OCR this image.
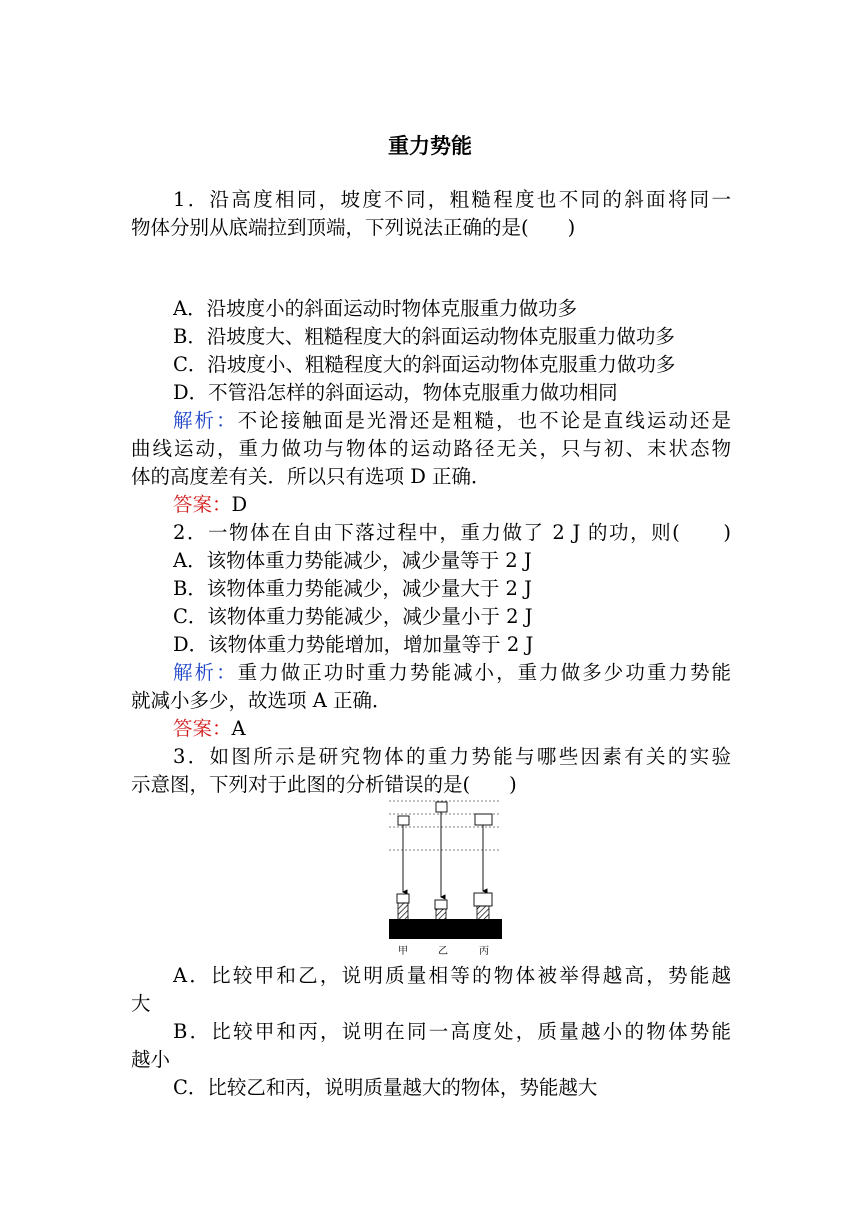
重力势能
1．沿高度相同，坡度不同，粗糙程度也不同的斜面将同一
物体分别从底端拉到顶端，下列说法正确的是(　　)
A．沿坡度小的斜面运动时物体克服重力做功多
B．沿坡度大、粗糙程度大的斜面运动物体克服重力做功多
C．沿坡度小、粗糙程度大的斜面运动物体克服重力做功多
D．不管沿怎样的斜面运动，物体克服重力做功相同
解析：不论接触面是光滑还是粗糙，也不论是直线运动还是
曲线运动，重力做功与物体的运动路径无关，只与初、末状态物
体的高度差有关．所以只有选项 D 正确．
答案：D
2．一物体在自由下落过程中，重力做了 2 J 的功，则(　　)
A．该物体重力势能减少，减少量等于 2 J
B．该物体重力势能减少，减少量大于 2 J
C．该物体重力势能减少，减少量小于 2 J
D．该物体重力势能增加，增加量等于 2 J
解析：重力做正功时重力势能减小，重力做多少功重力势能
就减小多少，故选项 A 正确．
答案：A
3．如图所示是研究物体的重力势能与哪些因素有关的实验
示意图，下列对于此图的分析错误的是(　　)
甲	乙	丙
A．比较甲和乙，说明质量相等的物体被举得越高，势能越
大
B．比较甲和丙，说明在同一高度处，质量越小的物体势能
越小
C．比较乙和丙，说明质量越大的物体，势能越大
